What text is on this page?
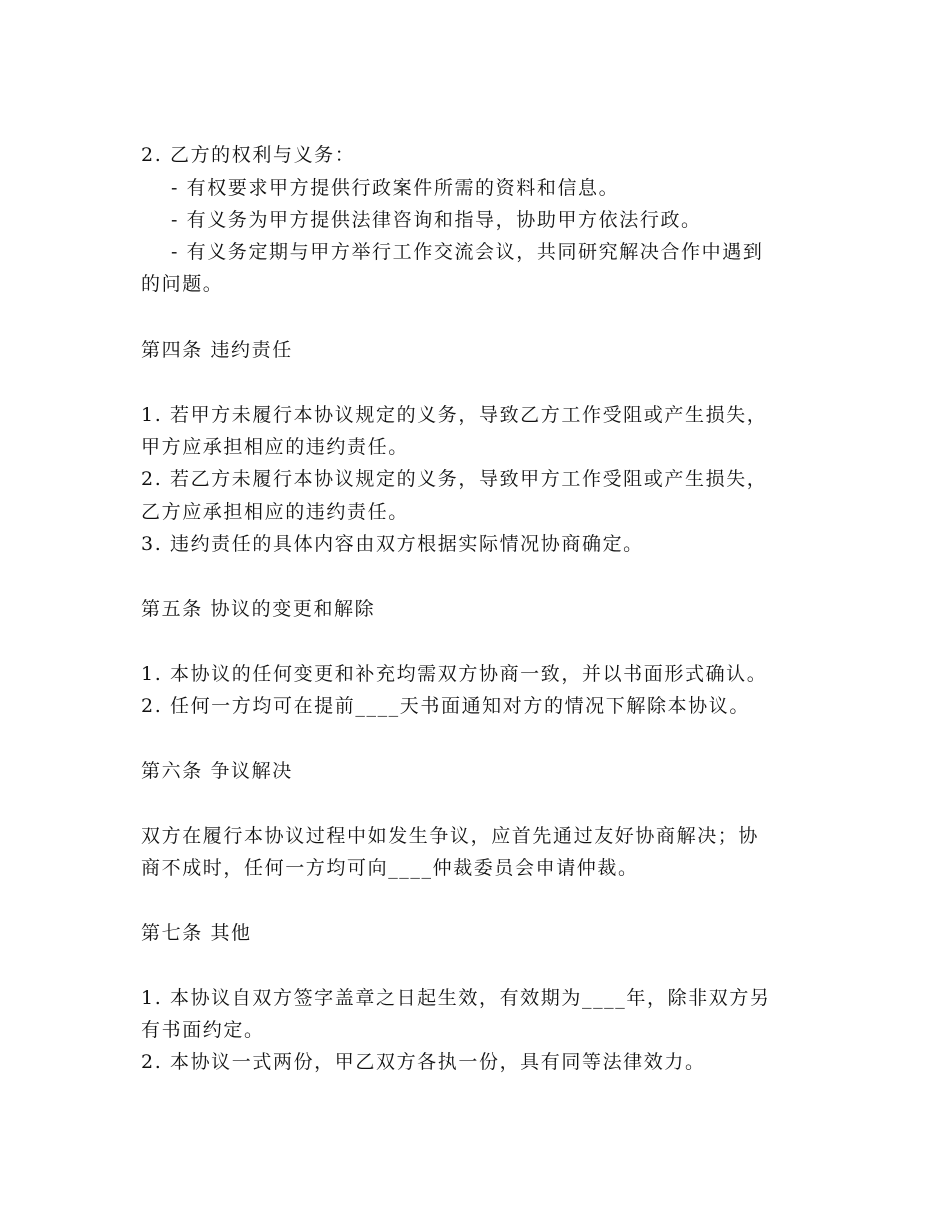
2. 乙方的权利与义务：
- 有权要求甲方提供行政案件所需的资料和信息。
- 有义务为甲方提供法律咨询和指导，协助甲方依法行政。
- 有义务定期与甲方举行工作交流会议，共同研究解决合作中遇到
的问题。
第四条 违约责任
1. 若甲方未履行本协议规定的义务，导致乙方工作受阻或产生损失，
甲方应承担相应的违约责任。
2. 若乙方未履行本协议规定的义务，导致甲方工作受阻或产生损失，
乙方应承担相应的违约责任。
3. 违约责任的具体内容由双方根据实际情况协商确定。
第五条 协议的变更和解除
1. 本协议的任何变更和补充均需双方协商一致，并以书面形式确认。
2. 任何一方均可在提前____天书面通知对方的情况下解除本协议。
第六条 争议解决
双方在履行本协议过程中如发生争议，应首先通过友好协商解决；协
商不成时，任何一方均可向____仲裁委员会申请仲裁。
第七条 其他
1. 本协议自双方签字盖章之日起生效，有效期为____年，除非双方另
有书面约定。
2. 本协议一式两份，甲乙双方各执一份，具有同等法律效力。
